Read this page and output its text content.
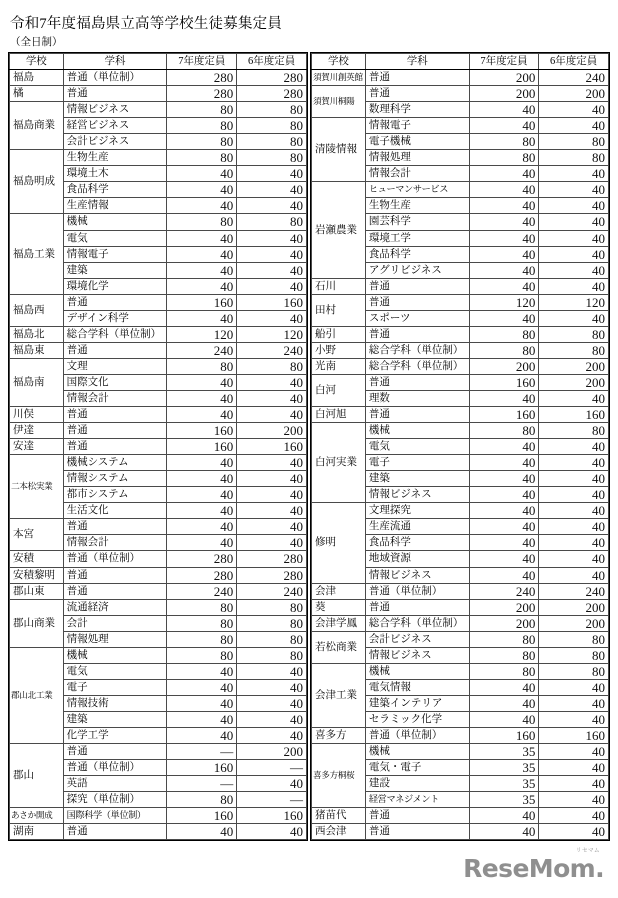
令和7年度福島県立高等学校生徒募集定員
（全日制）
学校	学科	7年度定員	6年度定員
福島	普通（単位制）	280	280
橘	普通	280	280
福島商業	情報ビジネス	80	80
	経営ビジネス	80	80
	会計ビジネス	80	80
福島明成	生物生産	80	80
	環境土木	40	40
	食品科学	40	40
	生産情報	40	40
福島工業	機械	80	80
	電気	40	40
	情報電子	40	40
	建築	40	40
	環境化学	40	40
福島西	普通	160	160
	デザイン科学	40	40
福島北	総合学科（単位制）	120	120
福島東	普通	240	240
福島南	文理	80	80
	国際文化	40	40
	情報会計	40	40
川俣	普通	40	40
伊達	普通	160	200
安達	普通	160	160
二本松実業	機械システム	40	40
	情報システム	40	40
	都市システム	40	40
	生活文化	40	40
本宮	普通	40	40
	情報会計	40	40
安積	普通（単位制）	280	280
安積黎明	普通	280	280
郡山東	普通	240	240
郡山商業	流通経済	80	80
	会計	80	80
	情報処理	80	80
郡山北工業	機械	80	80
	電気	40	40
	電子	40	40
	情報技術	40	40
	建築	40	40
	化学工学	40	40
郡山	普通	—	200
	普通（単位制）	160	—
	英語	—	40
	探究（単位制）	80	—
あさか開成	国際科学（単位制）	160	160
湖南	普通	40	40
学校	学科	7年度定員	6年度定員
須賀川創英館	普通	200	240
須賀川桐陽	普通	200	200
	数理科学	40	40
清陵情報	情報電子	40	40
	電子機械	80	80
	情報処理	80	80
	情報会計	40	40
岩瀬農業	ヒューマンサービス	40	40
	生物生産	40	40
	園芸科学	40	40
	環境工学	40	40
	食品科学	40	40
	アグリビジネス	40	40
石川	普通	40	40
田村	普通	120	120
	スポーツ	40	40
船引	普通	80	80
小野	総合学科（単位制）	80	80
光南	総合学科（単位制）	200	200
白河	普通	160	200
	理数	40	40
白河旭	普通	160	160
白河実業	機械	80	80
	電気	40	40
	電子	40	40
	建築	40	40
	情報ビジネス	40	40
修明	文理探究	40	40
	生産流通	40	40
	食品科学	40	40
	地域資源	40	40
	情報ビジネス	40	40
会津	普通（単位制）	240	240
葵	普通	200	200
会津学鳳	総合学科（単位制）	200	200
若松商業	会計ビジネス	80	80
	情報ビジネス	80	80
会津工業	機械	80	80
	電気情報	40	40
	建築インテリア	40	40
	セラミック化学	40	40
喜多方	普通（単位制）	160	160
喜多方桐桜	機械	35	40
	電気・電子	35	40
	建設	35	40
	経営マネジメント	35	40
猪苗代	普通	40	40
西会津	普通	40	40
リセマム
ReseMom.
